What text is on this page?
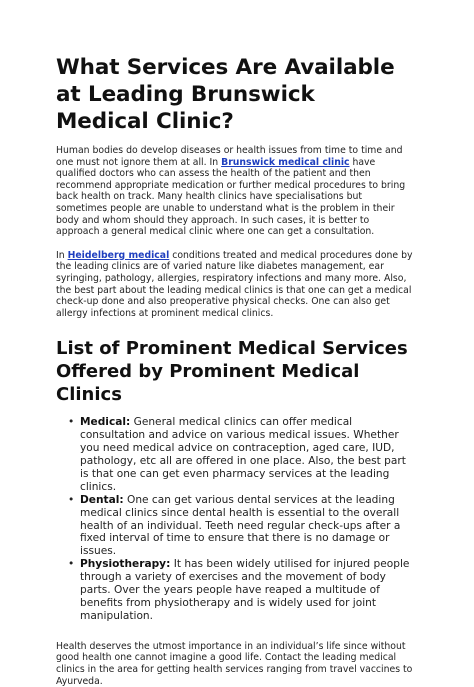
What Services Are Available at Leading Brunswick Medical Clinic?

Human bodies do develop diseases or health issues from time to time and one must not ignore them at all. In Brunswick medical clinic have qualified doctors who can assess the health of the patient and then recommend appropriate medication or further medical procedures to bring back health on track. Many health clinics have specialisations but sometimes people are unable to understand what is the problem in their body and whom should they approach. In such cases, it is better to approach a general medical clinic where one can get a consultation.

In Heidelberg medical conditions treated and medical procedures done by the leading clinics are of varied nature like diabetes management, ear syringing, pathology, allergies, respiratory infections and many more. Also, the best part about the leading medical clinics is that one can get a medical check-up done and also preoperative physical checks. One can also get allergy infections at prominent medical clinics.

List of Prominent Medical Services Offered by Prominent Medical Clinics
• Medical: General medical clinics can offer medical consultation and advice on various medical issues. Whether you need medical advice on contraception, aged care, IUD, pathology, etc all are offered in one place. Also, the best part is that one can get even pharmacy services at the leading clinics.
• Dental: One can get various dental services at the leading medical clinics since dental health is essential to the overall health of an individual. Teeth need regular check-ups after a fixed interval of time to ensure that there is no damage or issues.
• Physiotherapy: It has been widely utilised for injured people through a variety of exercises and the movement of body parts. Over the years people have reaped a multitude of benefits from physiotherapy and is widely used for joint manipulation.

Health deserves the utmost importance in an individual’s life since without good health one cannot imagine a good life. Contact the leading medical clinics in the area for getting health services ranging from travel vaccines to Ayurveda.
